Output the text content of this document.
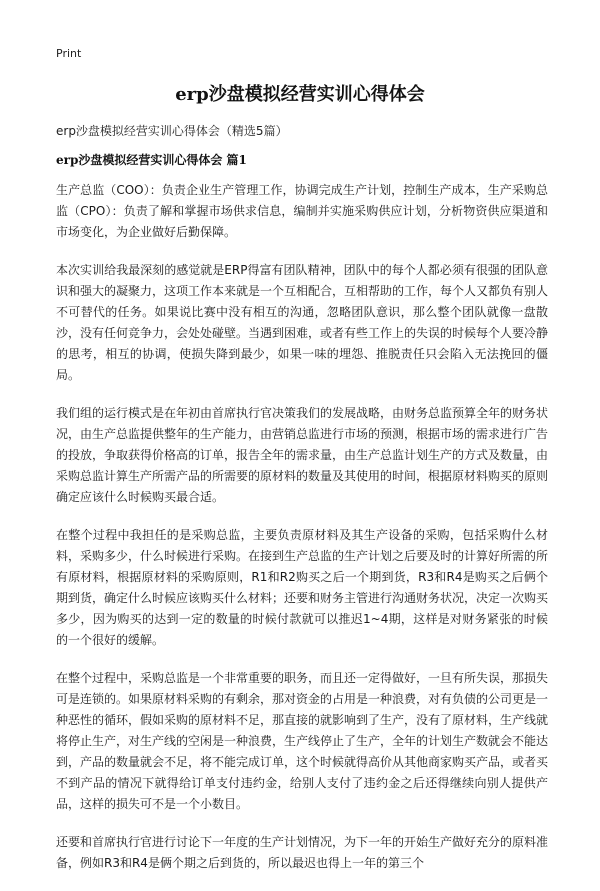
Print
erp沙盘模拟经营实训心得体会

erp沙盘模拟经营实训心得体会（精选5篇）

erp沙盘模拟经营实训心得体会 篇1

生产总监（COO）：负责企业生产管理工作，协调完成生产计划，控制生产成本，生产采购总监（CPO）：负责了解和掌握市场供求信息，编制并实施采购供应计划，分析物资供应渠道和市场变化，为企业做好后勤保障。

本次实训给我最深刻的感觉就是ERP得富有团队精神，团队中的每个人都必须有很强的团队意识和强大的凝聚力，这项工作本来就是一个互相配合，互相帮助的工作，每个人又都负有别人不可替代的任务。如果说比赛中没有相互的沟通，忽略团队意识，那么整个团队就像一盘散沙，没有任何竞争力，会处处碰壁。当遇到困难，或者有些工作上的失误的时候每个人要冷静的思考，相互的协调，使损失降到最少，如果一味的埋怨、推脱责任只会陷入无法挽回的僵局。

我们组的运行模式是在年初由首席执行官决策我们的发展战略，由财务总监预算全年的财务状况，由生产总监提供整年的生产能力，由营销总监进行市场的预测，根据市场的需求进行广告的投放，争取获得价格高的订单，报告全年的需求量，由生产总监计划生产的方式及数量，由采购总监计算生产所需产品的所需要的原材料的数量及其使用的时间，根据原材料购买的原则确定应该什么时候购买最合适。

在整个过程中我担任的是采购总监，主要负责原材料及其生产设备的采购，包括采购什么材料，采购多少，什么时候进行采购。在接到生产总监的生产计划之后要及时的计算好所需的所有原材料，根据原材料的采购原则，R1和R2购买之后一个期到货，R3和R4是购买之后俩个期到货，确定什么时候应该购买什么材料；还要和财务主管进行沟通财务状况，决定一次购买多少，因为购买的达到一定的数量的时候付款就可以推迟1~4期，这样是对财务紧张的时候的一个很好的缓解。

在整个过程中，采购总监是一个非常重要的职务，而且还一定得做好，一旦有所失误，那损失可是连锁的。如果原材料采购的有剩余，那对资金的占用是一种浪费，对有负债的公司更是一种恶性的循环，假如采购的原材料不足，那直接的就影响到了生产，没有了原材料，生产线就将停止生产，对生产线的空闲是一种浪费，生产线停止了生产，全年的计划生产数就会不能达到，产品的数量就会不足，将不能完成订单，这个时候就得高价从其他商家购买产品，或者买不到产品的情况下就得给订单支付违约金，给别人支付了违约金之后还得继续向别人提供产品，这样的损失可不是一个小数目。

还要和首席执行官进行讨论下一年度的生产计划情况，为下一年的开始生产做好充分的原料准备，例如R3和R4是俩个期之后到货的，所以最迟也得上一年的第三个
